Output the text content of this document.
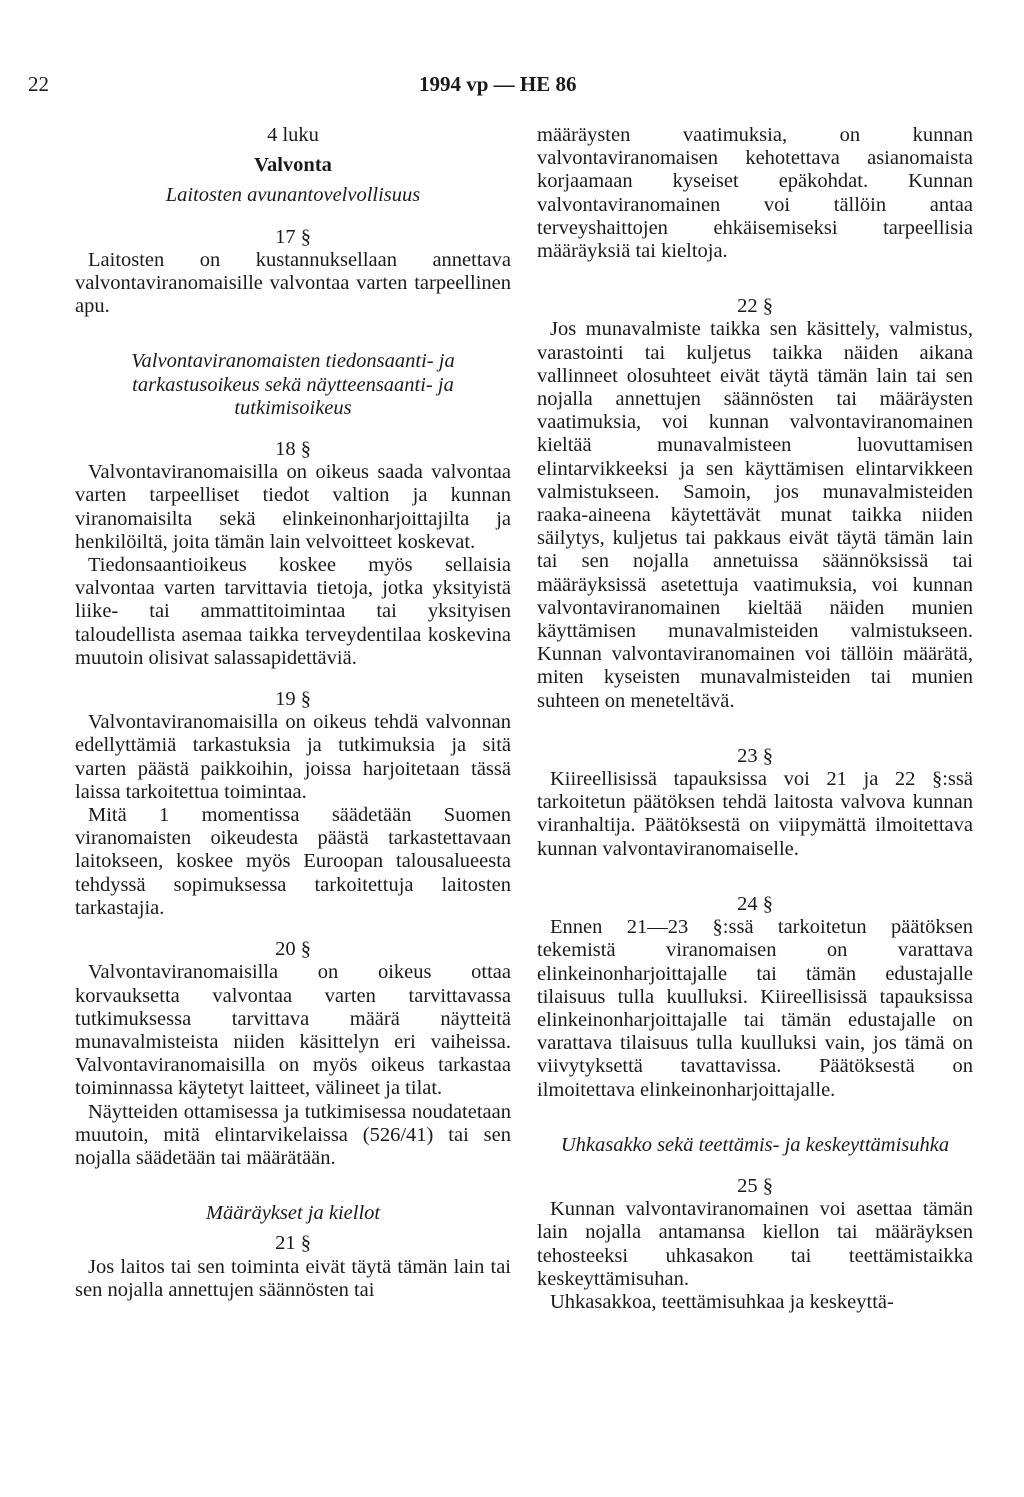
22	1994 vp — HE 86
4 luku
Valvonta
Laitosten avunantovelvollisuus
17 §

Laitosten on kustannuksellaan annettava valvontaviranomaisille valvontaa varten tarpeellinen apu.

Valvontaviranomaisten tiedonsaanti- ja tarkastusoikeus sekä näytteensaanti- ja tutkimisoikeus
18 §

Valvontaviranomaisilla on oikeus saada valvontaa varten tarpeelliset tiedot valtion ja kunnan viranomaisilta sekä elinkeinonharjoittajilta ja henkilöiltä, joita tämän lain velvoitteet koskevat.

Tiedonsaantioikeus koskee myös sellaisia valvontaa varten tarvittavia tietoja, jotka yksityistä liike- tai ammattitoimintaa tai yksityisen taloudellista asemaa taikka terveydentilaa koskevina muutoin olisivat salassapidettäviä.

19 §

Valvontaviranomaisilla on oikeus tehdä valvonnan edellyttämiä tarkastuksia ja tutkimuksia ja sitä varten päästä paikkoihin, joissa harjoitetaan tässä laissa tarkoitettua toimintaa.

Mitä 1 momentissa säädetään Suomen viranomaisten oikeudesta päästä tarkastettavaan laitokseen, koskee myös Euroopan talousalueesta tehdyssä sopimuksessa tarkoitettuja laitosten tarkastajia.

20 §

Valvontaviranomaisilla on oikeus ottaa korvauksetta valvontaa varten tarvittavassa tutkimuksessa tarvittava määrä näytteitä munavalmisteista niiden käsittelyn eri vaiheissa. Valvontaviranomaisilla on myös oikeus tarkastaa toiminnassa käytetyt laitteet, välineet ja tilat.

Näytteiden ottamisessa ja tutkimisessa noudatetaan muutoin, mitä elintarvikelaissa (526/41) tai sen nojalla säädetään tai määrätään.

Määräykset ja kiellot
21 §

Jos laitos tai sen toiminta eivät täytä tämän lain tai sen nojalla annettujen säännösten tai

määräysten vaatimuksia, on kunnan valvontaviranomaisen kehotettava asianomaista korjaamaan kyseiset epäkohdat. Kunnan valvontaviranomainen voi tällöin antaa terveyshaittojen ehkäisemiseksi tarpeellisia määräyksiä tai kieltoja.

22 §

Jos munavalmiste taikka sen käsittely, valmistus, varastointi tai kuljetus taikka näiden aikana vallinneet olosuhteet eivät täytä tämän lain tai sen nojalla annettujen säännösten tai määräysten vaatimuksia, voi kunnan valvontaviranomainen kieltää munavalmisteen luovuttamisen elintarvikkeeksi ja sen käyttämisen elintarvikkeen valmistukseen. Samoin, jos munavalmisteiden raaka-aineena käytettävät munat taikka niiden säilytys, kuljetus tai pakkaus eivät täytä tämän lain tai sen nojalla annetuissa säännöksissä tai määräyksissä asetettuja vaatimuksia, voi kunnan valvontaviranomainen kieltää näiden munien käyttämisen munavalmisteiden valmistukseen. Kunnan valvontaviranomainen voi tällöin määrätä, miten kyseisten munavalmisteiden tai munien suhteen on meneteltävä.

23 §

Kiireellisissä tapauksissa voi 21 ja 22 §:ssä tarkoitetun päätöksen tehdä laitosta valvova kunnan viranhaltija. Päätöksestä on viipymättä ilmoitettava kunnan valvontaviranomaiselle.

24 §

Ennen 21—23 §:ssä tarkoitetun päätöksen tekemistä viranomaisen on varattava elinkeinonharjoittajalle tai tämän edustajalle tilaisuus tulla kuulluksi. Kiireellisissä tapauksissa elinkeinonharjoittajalle tai tämän edustajalle on varattava tilaisuus tulla kuulluksi vain, jos tämä on viivytyksettä tavattavissa. Päätöksestä on ilmoitettava elinkeinonharjoittajalle.

Uhkasakko sekä teettämis- ja keskeyttämisuhka
25 §

Kunnan valvontaviranomainen voi asettaa tämän lain nojalla antamansa kiellon tai määräyksen tehosteeksi uhkasakon tai teettämistaikka keskeyttämisuhan.

Uhkasakkoa, teettämisuhkaa ja keskeyttä-
